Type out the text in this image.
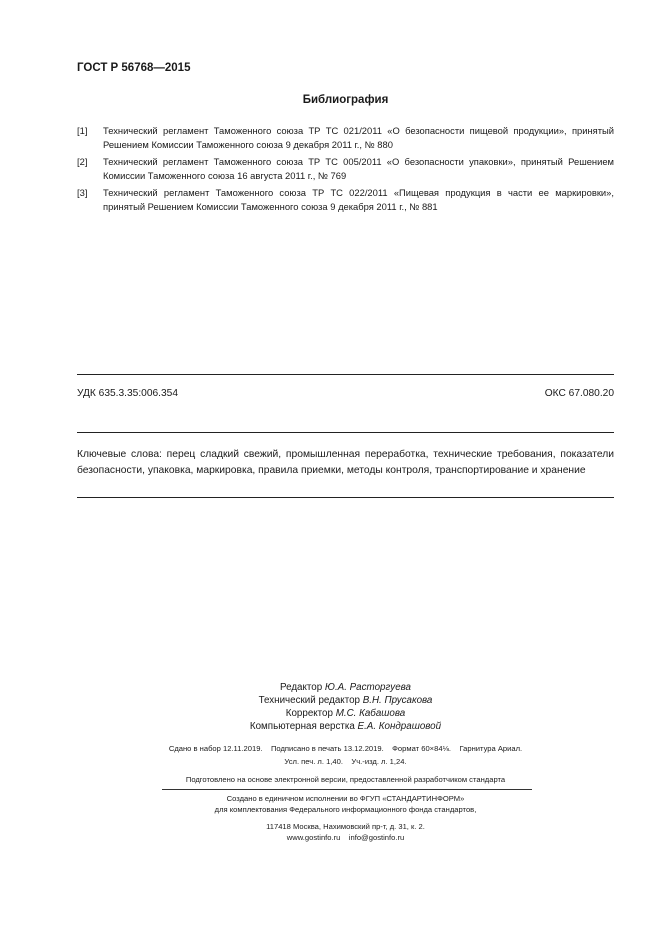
ГОСТ Р 56768—2015
Библиография
[1] Технический регламент Таможенного союза ТР ТС 021/2011 «О безопасности пищевой продукции», принятый Решением Комиссии Таможенного союза 9 декабря 2011 г., № 880
[2] Технический регламент Таможенного союза ТР ТС 005/2011 «О безопасности упаковки», принятый Решением Комиссии Таможенного союза 16 августа 2011 г., № 769
[3] Технический регламент Таможенного союза ТР ТС 022/2011 «Пищевая продукция в части ее маркировки», принятый Решением Комиссии Таможенного союза 9 декабря 2011 г., № 881
УДК 635.3.35:006.354	ОКС 67.080.20
Ключевые слова: перец сладкий свежий, промышленная переработка, технические требования, показатели безопасности, упаковка, маркировка, правила приемки, методы контроля, транспортирование и хранение
Редактор Ю.А. Расторгуева
Технический редактор В.Н. Прусакова
Корректор М.С. Кабашова
Компьютерная верстка Е.А. Кондрашовой
Сдано в набор 12.11.2019.    Подписано в печать 13.12.2019.    Формат 60×84⅛.    Гарнитура Ариал.
Усл. печ. л. 1,40.    Уч.-изд. л. 1,24.
Подготовлено на основе электронной версии, предоставленной разработчиком стандарта
Создано в единичном исполнении во ФГУП «СТАНДАРТИНФОРМ»
для комплектования Федерального информационного фонда стандартов,
117418 Москва, Нахимовский пр-т, д. 31, к. 2.
www.gostinfo.ru    info@gostinfo.ru
